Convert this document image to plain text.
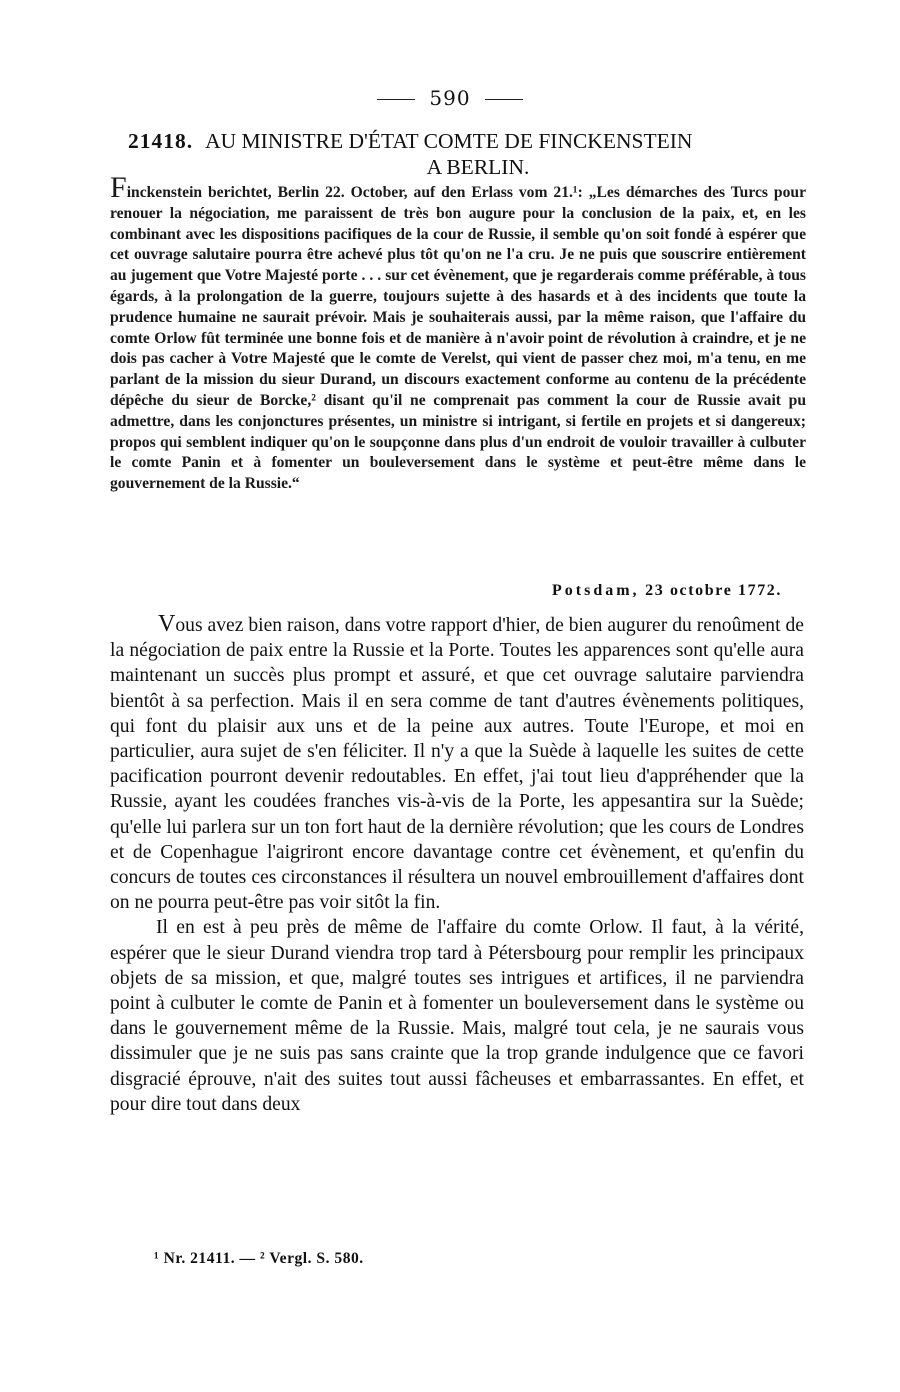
590
21418. AU MINISTRE D'ÉTAT COMTE DE FINCKENSTEIN
A BERLIN.
Finckenstein berichtet, Berlin 22. October, auf den Erlass vom 21.¹: „Les démarches des Turcs pour renouer la négociation, me paraissent de très bon augure pour la conclusion de la paix, et, en les combinant avec les dispositions pacifiques de la cour de Russie, il semble qu'on soit fondé à espérer que cet ouvrage salutaire pourra être achevé plus tôt qu'on ne l'a cru. Je ne puis que souscrire entièrement au jugement que Votre Majesté porte . . . sur cet évènement, que je regarderais comme préférable, à tous égards, à la prolongation de la guerre, toujours sujette à des hasards et à des incidents que toute la prudence humaine ne saurait prévoir. Mais je souhaiterais aussi, par la même raison, que l'affaire du comte Orlow fût terminée une bonne fois et de manière à n'avoir point de révolution à craindre, et je ne dois pas cacher à Votre Majesté que le comte de Verelst, qui vient de passer chez moi, m'a tenu, en me parlant de la mission du sieur Durand, un discours exactement conforme au contenu de la précédente dépêche du sieur de Borcke,² disant qu'il ne comprenait pas comment la cour de Russie avait pu admettre, dans les conjonctures présentes, un ministre si intrigant, si fertile en projets et si dangereux; propos qui semblent indiquer qu'on le soupçonne dans plus d'un endroit de vouloir travailler à culbuter le comte Panin et à fomenter un bouleversement dans le système et peut-être même dans le gouvernement de la Russie.“
Potsdam, 23 octobre 1772.

Vous avez bien raison, dans votre rapport d'hier, de bien augurer du renoûment de la négociation de paix entre la Russie et la Porte. Toutes les apparences sont qu'elle aura maintenant un succès plus prompt et assuré, et que cet ouvrage salutaire parviendra bientôt à sa perfection. Mais il en sera comme de tant d'autres évènements politiques, qui font du plaisir aux uns et de la peine aux autres. Toute l'Europe, et moi en particulier, aura sujet de s'en féliciter. Il n'y a que la Suède à laquelle les suites de cette pacification pourront devenir redoutables. En effet, j'ai tout lieu d'appréhender que la Russie, ayant les coudées franches vis-à-vis de la Porte, les appesantira sur la Suède; qu'elle lui parlera sur un ton fort haut de la dernière révolution; que les cours de Londres et de Copenhague l'aigriront encore davantage contre cet évènement, et qu'enfin du concurs de toutes ces circonstances il résultera un nouvel embrouillement d'affaires dont on ne pourra peut-être pas voir sitôt la fin.

Il en est à peu près de même de l'affaire du comte Orlow. Il faut, à la vérité, espérer que le sieur Durand viendra trop tard à Pétersbourg pour remplir les principaux objets de sa mission, et que, malgré toutes ses intrigues et artifices, il ne parviendra point à culbuter le comte de Panin et à fomenter un bouleversement dans le système ou dans le gouvernement même de la Russie. Mais, malgré tout cela, je ne saurais vous dissimuler que je ne suis pas sans crainte que la trop grande indulgence que ce favori disgracié éprouve, n'ait des suites tout aussi fâcheuses et embarrassantes. En effet, et pour dire tout dans deux

¹ Nr. 21411. — ² Vergl. S. 580.
